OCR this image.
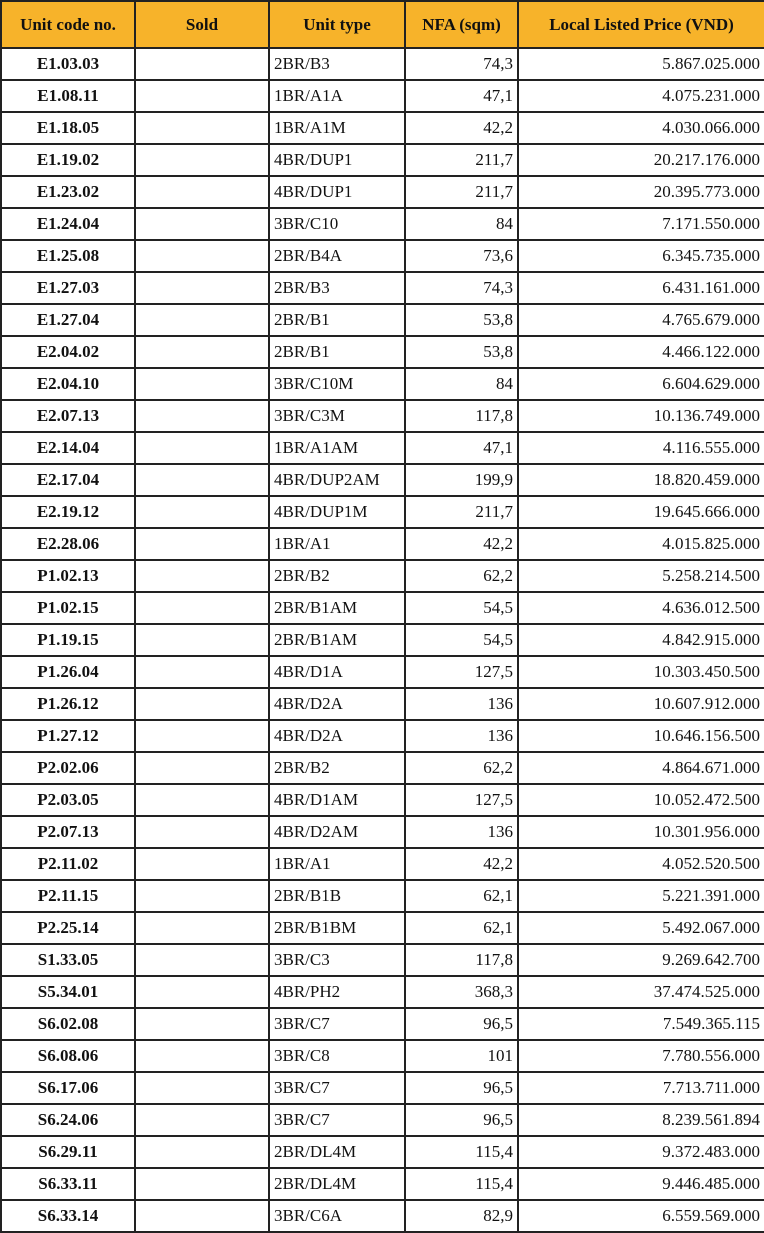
Unit code no.	Sold	Unit type	NFA (sqm)	Local Listed Price (VND)
E1.03.03		2BR/B3	74,3	5.867.025.000
E1.08.11		1BR/A1A	47,1	4.075.231.000
E1.18.05		1BR/A1M	42,2	4.030.066.000
E1.19.02		4BR/DUP1	211,7	20.217.176.000
E1.23.02		4BR/DUP1	211,7	20.395.773.000
E1.24.04		3BR/C10	84	7.171.550.000
E1.25.08		2BR/B4A	73,6	6.345.735.000
E1.27.03		2BR/B3	74,3	6.431.161.000
E1.27.04		2BR/B1	53,8	4.765.679.000
E2.04.02		2BR/B1	53,8	4.466.122.000
E2.04.10		3BR/C10M	84	6.604.629.000
E2.07.13		3BR/C3M	117,8	10.136.749.000
E2.14.04		1BR/A1AM	47,1	4.116.555.000
E2.17.04		4BR/DUP2AM	199,9	18.820.459.000
E2.19.12		4BR/DUP1M	211,7	19.645.666.000
E2.28.06		1BR/A1	42,2	4.015.825.000
P1.02.13		2BR/B2	62,2	5.258.214.500
P1.02.15		2BR/B1AM	54,5	4.636.012.500
P1.19.15		2BR/B1AM	54,5	4.842.915.000
P1.26.04		4BR/D1A	127,5	10.303.450.500
P1.26.12		4BR/D2A	136	10.607.912.000
P1.27.12		4BR/D2A	136	10.646.156.500
P2.02.06		2BR/B2	62,2	4.864.671.000
P2.03.05		4BR/D1AM	127,5	10.052.472.500
P2.07.13		4BR/D2AM	136	10.301.956.000
P2.11.02		1BR/A1	42,2	4.052.520.500
P2.11.15		2BR/B1B	62,1	5.221.391.000
P2.25.14		2BR/B1BM	62,1	5.492.067.000
S1.33.05		3BR/C3	117,8	9.269.642.700
S5.34.01		4BR/PH2	368,3	37.474.525.000
S6.02.08		3BR/C7	96,5	7.549.365.115
S6.08.06		3BR/C8	101	7.780.556.000
S6.17.06		3BR/C7	96,5	7.713.711.000
S6.24.06		3BR/C7	96,5	8.239.561.894
S6.29.11		2BR/DL4M	115,4	9.372.483.000
S6.33.11		2BR/DL4M	115,4	9.446.485.000
S6.33.14		3BR/C6A	82,9	6.559.569.000
